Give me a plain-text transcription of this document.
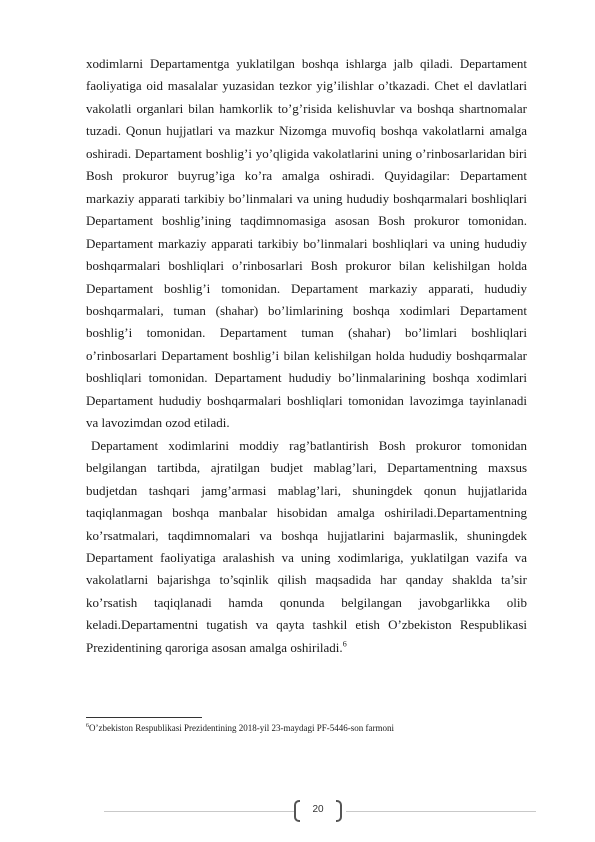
xodimlarni Departamentga yuklatilgan boshqa ishlarga jalb qiladi. Departament faoliyatiga oid masalalar yuzasidan tezkor yig’ilishlar o’tkazadi. Chet el davlatlari vakolatli organlari bilan hamkorlik to’g’risida kelishuvlar va boshqa shartnomalar tuzadi. Qonun hujjatlari va mazkur Nizomga muvofiq boshqa vakolatlarni amalga oshiradi. Departament boshlig’i yo’qligida vakolatlarini uning o’rinbosarlaridan biri Bosh prokuror buyrug’iga ko’ra amalga oshiradi. Quyidagilar: Departament markaziy apparati tarkibiy bo’linmalari va uning hududiy boshqarmalari boshliqlari Departament boshlig’ining taqdimnomasiga asosan Bosh prokuror tomonidan. Departament markaziy apparati tarkibiy bo’linmalari boshliqlari va uning hududiy boshqarmalari boshliqlari o’rinbosarlari Bosh prokuror bilan kelishilgan holda Departament boshlig’i tomonidan. Departament markaziy apparati, hududiy boshqarmalari, tuman (shahar) bo’limlarining boshqa xodimlari Departament boshlig’i tomonidan. Departament tuman (shahar) bo’limlari boshliqlari o’rinbosarlari Departament boshlig’i bilan kelishilgan holda hududiy boshqarmalar boshliqlari tomonidan. Departament hududiy bo’linmalarining boshqa xodimlari Departament hududiy boshqarmalari boshliqlari tomonidan lavozimga tayinlanadi va lavozimdan ozod etiladi.

Departament xodimlarini moddiy rag’batlantirish Bosh prokuror tomonidan belgilangan tartibda, ajratilgan budjet mablag’lari, Departamentning maxsus budjetdan tashqari jamg’armasi mablag’lari, shuningdek qonun hujjatlarida taqiqlanmagan boshqa manbalar hisobidan amalga oshiriladi.Departamentning ko’rsatmalari, taqdimnomalari va boshqa hujjatlarini bajarmaslik, shuningdek Departament faoliyatiga aralashish va uning xodimlariga, yuklatilgan vazifa va vakolatlarni bajarishga to’sqinlik qilish maqsadida har qanday shaklda ta’sir ko’rsatish taqiqlanadi hamda qonunda belgilangan javobgarlikka olib keladi.Departamentni tugatish va qayta tashkil etish O’zbekiston Respublikasi Prezidentining qaroriga asosan amalga oshiriladi.$^6$

$^6$O’zbekiston Respublikasi Prezidentining 2018-yil 23-maydagi PF-5446-son farmoni
20
